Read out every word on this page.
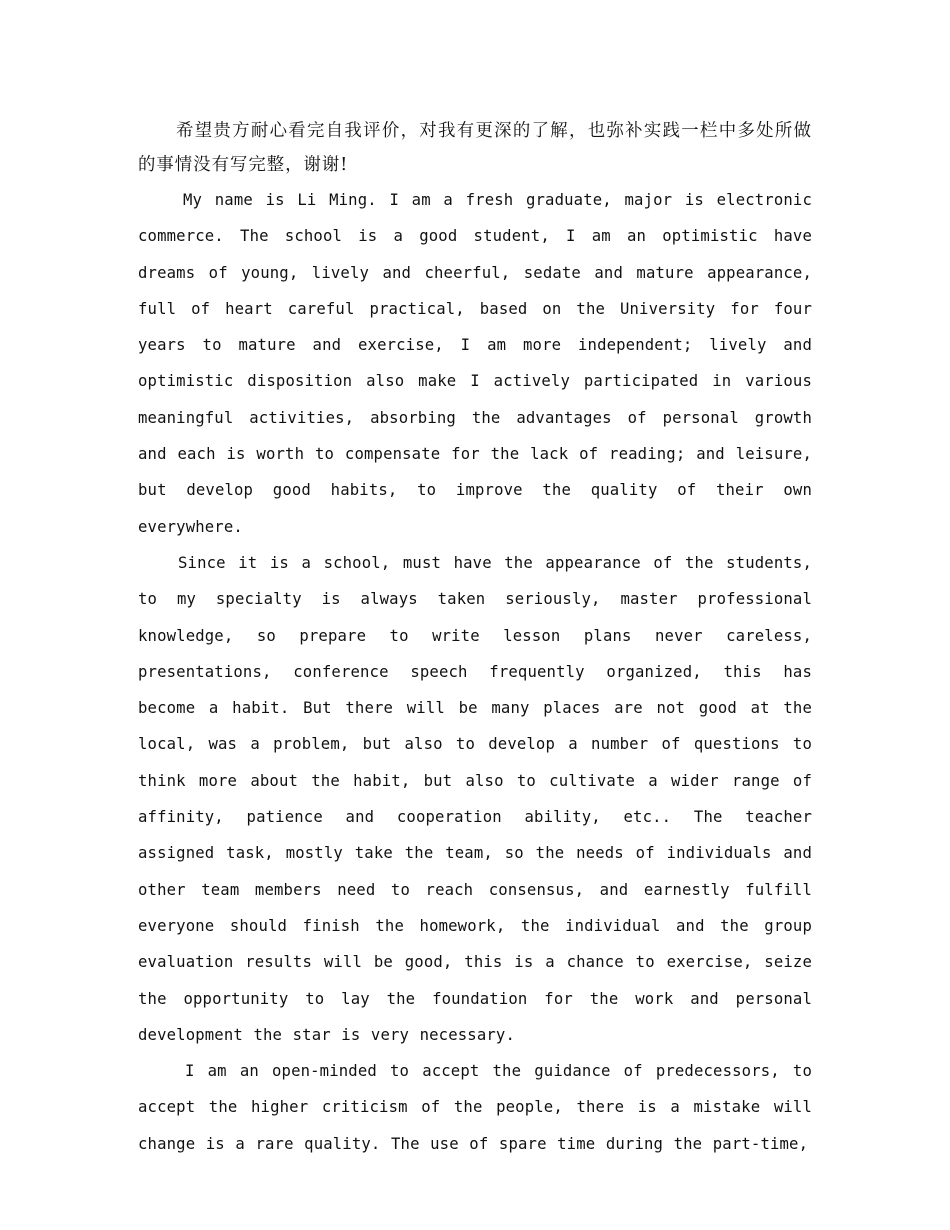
希望贵方耐心看完自我评价，对我有更深的了解，也弥补实践一栏中多处所做的事情没有写完整，谢谢!

My name is Li Ming. I am a fresh graduate, major is electronic commerce. The school is a good student, I am an optimistic have dreams of young, lively and cheerful, sedate and mature appearance, full of heart careful practical, based on the University for four years to mature and exercise, I am more independent; lively and optimistic disposition also make I actively participated in various meaningful activities, absorbing the advantages of personal growth and each is worth to compensate for the lack of reading; and leisure, but develop good habits, to improve the quality of their own everywhere.

Since it is a school, must have the appearance of the students, to my specialty is always taken seriously, master professional knowledge, so prepare to write lesson plans never careless, presentations, conference speech frequently organized, this has become a habit. But there will be many places are not good at the local, was a problem, but also to develop a number of questions to think more about the habit, but also to cultivate a wider range of affinity, patience and cooperation ability, etc.. The teacher assigned task, mostly take the team, so the needs of individuals and other team members need to reach consensus, and earnestly fulfill everyone should finish the homework, the individual and the group evaluation results will be good, this is a chance to exercise, seize the opportunity to lay the foundation for the work and personal development the star is very necessary.

I am an open-minded to accept the guidance of predecessors, to accept the higher criticism of the people, there is a mistake will change is a rare quality. The use of spare time during the part-time,
